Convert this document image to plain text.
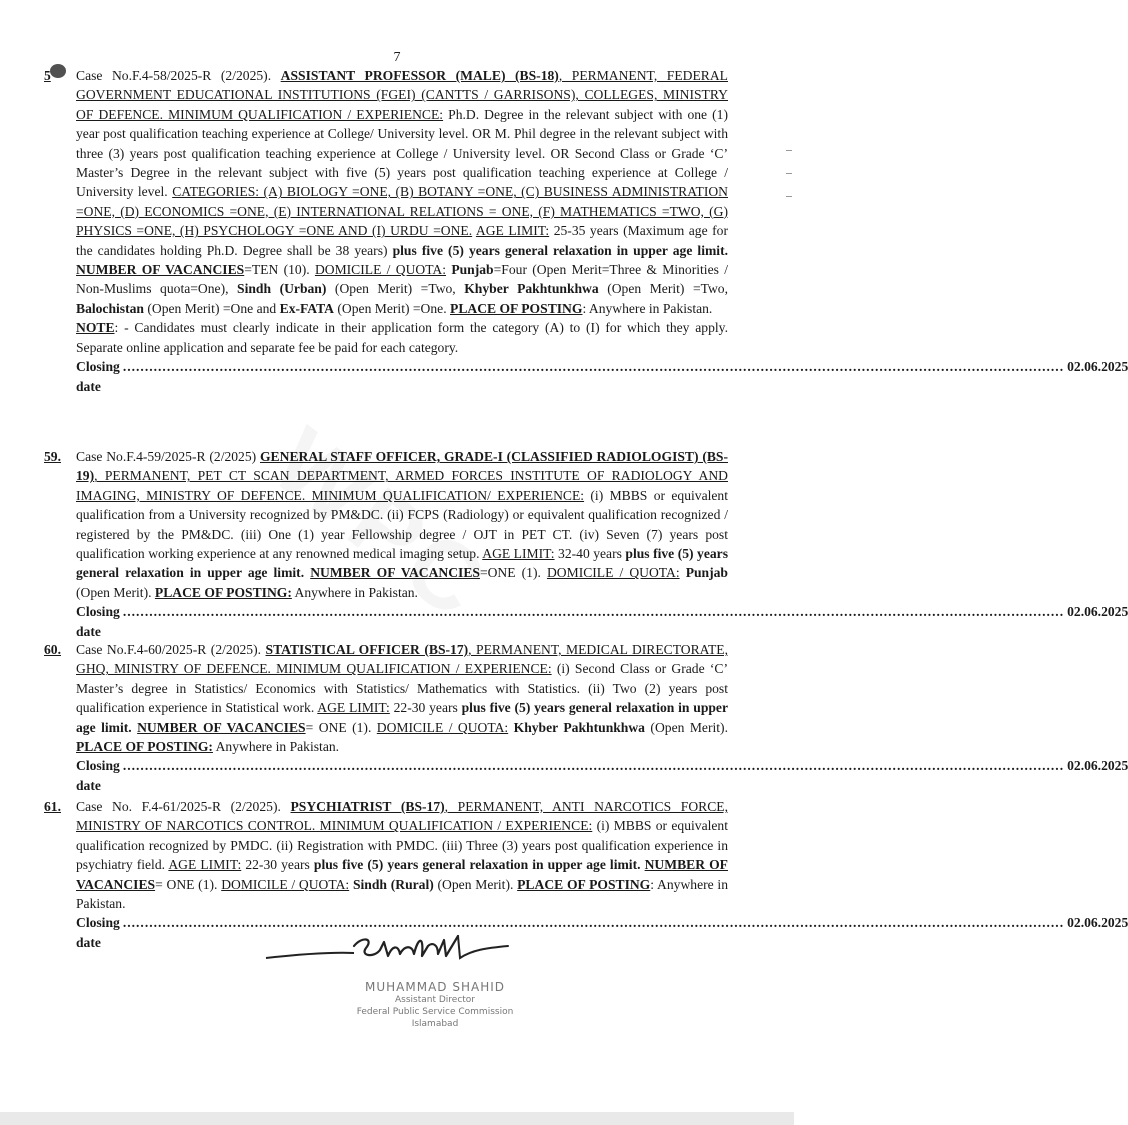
7
5	Case No.F.4-58/2025-R (2/2025). ASSISTANT PROFESSOR (MALE) (BS-18), PERMANENT, FEDERAL GOVERNMENT EDUCATIONAL INSTITUTIONS (FGEI) (CANTTS / GARRISONS), COLLEGES, MINISTRY OF DEFENCE. MINIMUM QUALIFICATION / EXPERIENCE: Ph.D. Degree in the relevant subject with one (1) year post qualification teaching experience at College/ University level. OR M. Phil degree in the relevant subject with three (3) years post qualification teaching experience at College / University level. OR Second Class or Grade ‘C’ Master’s Degree in the relevant subject with five (5) years post qualification teaching experience at College / University level. CATEGORIES: (A) BIOLOGY =ONE, (B) BOTANY =ONE, (C) BUSINESS ADMINISTRATION =ONE, (D) ECONOMICS =ONE, (E) INTERNATIONAL RELATIONS = ONE, (F) MATHEMATICS =TWO, (G) PHYSICS =ONE, (H) PSYCHOLOGY =ONE AND (I) URDU =ONE. AGE LIMIT: 25-35 years (Maximum age for the candidates holding Ph.D. Degree shall be 38 years) plus five (5) years general relaxation in upper age limit. NUMBER OF VACANCIES=TEN (10). DOMICILE / QUOTA: Punjab=Four (Open Merit=Three & Minorities / Non-Muslims quota=One), Sindh (Urban) (Open Merit) =Two, Khyber Pakhtunkhwa (Open Merit) =Two, Balochistan (Open Merit) =One and Ex-FATA (Open Merit) =One. PLACE OF POSTING: Anywhere in Pakistan.
NOTE: - Candidates must clearly indicate in their application form the category (A) to (I) for which they apply. Separate online application and separate fee be paid for each category.
Closing date
...................................................................................................................................................................................................................... 02.06.2025
59.	Case No.F.4-59/2025-R (2/2025) GENERAL STAFF OFFICER, GRADE-I (CLASSIFIED RADIOLOGIST) (BS-19), PERMANENT, PET CT SCAN DEPARTMENT, ARMED FORCES INSTITUTE OF RADIOLOGY AND IMAGING, MINISTRY OF DEFENCE. MINIMUM QUALIFICATION/ EXPERIENCE: (i) MBBS or equivalent qualification from a University recognized by PM&DC. (ii) FCPS (Radiology) or equivalent qualification recognized / registered by the PM&DC. (iii) One (1) year Fellowship degree / OJT in PET CT. (iv) Seven (7) years post qualification working experience at any renowned medical imaging setup. AGE LIMIT: 32-40 years plus five (5) years general relaxation in upper age limit. NUMBER OF VACANCIES=ONE (1). DOMICILE / QUOTA: Punjab (Open Merit). PLACE OF POSTING: Anywhere in Pakistan.
Closing date
...................................................................................................................................................................................................................... 02.06.2025
60.	Case No.F.4-60/2025-R (2/2025). STATISTICAL OFFICER (BS-17), PERMANENT, MEDICAL DIRECTORATE, GHQ, MINISTRY OF DEFENCE. MINIMUM QUALIFICATION / EXPERIENCE: (i) Second Class or Grade ‘C’ Master’s degree in Statistics/ Economics with Statistics/ Mathematics with Statistics. (ii) Two (2) years post qualification experience in Statistical work. AGE LIMIT: 22-30 years plus five (5) years general relaxation in upper age limit. NUMBER OF VACANCIES= ONE (1). DOMICILE / QUOTA: Khyber Pakhtunkhwa (Open Merit). PLACE OF POSTING: Anywhere in Pakistan.
Closing date
...................................................................................................................................................................................................................... 02.06.2025
61.	Case No. F.4-61/2025-R (2/2025). PSYCHIATRIST (BS-17), PERMANENT, ANTI NARCOTICS FORCE, MINISTRY OF NARCOTICS CONTROL. MINIMUM QUALIFICATION / EXPERIENCE: (i) MBBS or equivalent qualification recognized by PMDC. (ii) Registration with PMDC. (iii) Three (3) years post qualification experience in psychiatry field. AGE LIMIT: 22-30 years plus five (5) years general relaxation in upper age limit. NUMBER OF VACANCIES= ONE (1). DOMICILE / QUOTA: Sindh (Rural) (Open Merit). PLACE OF POSTING: Anywhere in Pakistan.
Closing date
...................................................................................................................................................................................................................... 02.06.2025
MUHAMMAD SHAHID
Assistant Director
Federal Public Service Commission
Islamabad
